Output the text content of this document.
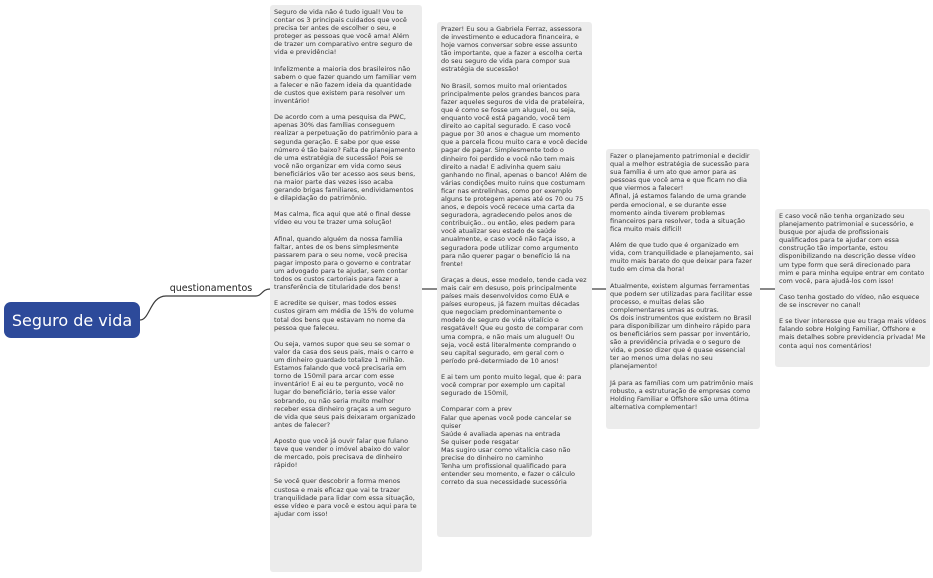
Seguro de vida
questionamentos

Seguro de vida não é tudo igual! Vou te contar os 3 principais cuidados que você precisa ter antes de escolher o seu, e proteger as pessoas que você ama! Além de trazer um comparativo entre seguro de vida e previdência!

Infelizmente a maioria dos brasileiros não sabem o que fazer quando um familiar vem a falecer e não fazem ideia da quantidade de custos que existem para resolver um inventário!

De acordo com a uma pesquisa da PWC, apenas 30% das famílias conseguem realizar a perpetuação do patrimônio para a segunda geração. E sabe por que esse número é tão baixo? Falta de planejamento de uma estratégia de sucessão! Pois se você não organizar em vida como seus beneficiários vão ter acesso aos seus bens, na maior parte das vezes isso acaba gerando brigas familiares, endividamentos e dilapidação do patrimônio.

Mas calma, fica aqui que até o final desse vídeo eu vou te trazer uma solução!

Afinal, quando alguém da nossa família faltar, antes de os bens simplesmente passarem para o seu nome, você precisa pagar imposto para o governo e contratar um advogado para te ajudar, sem contar todos os custos cartoriais para fazer a transferência de titularidade dos bens!

E acredite se quiser, mas todos esses custos giram em média de 15% do volume total dos bens que estavam no nome da pessoa que faleceu.

Ou seja, vamos supor que seu se somar o valor da casa dos seus pais, mais o carro e um dinheiro guardado totalize 1 milhão. Estamos falando que você precisaria em torno de 150mil para arcar com esse inventário! E ai eu te pergunto, você no lugar do beneficiário, teria esse valor sobrando, ou não seria muito melhor receber essa dinheiro graças a um seguro de vida que seus pais deixaram organizado antes de falecer?

Aposto que você já ouvir falar que fulano teve que vender o imóvel abaixo do valor de mercado, pois precisava de dinheiro rápido!

Se você quer descobrir a forma menos custosa e mais eficaz que vai te trazer tranquilidade para lidar com essa situação, esse vídeo e para você e estou aqui para te ajudar com isso!

Prazer! Eu sou a Gabriela Ferraz, assessora de investimento e educadora financeira, e hoje vamos conversar sobre esse assunto tão importante, que a fazer a escolha certa do seu seguro de vida para compor sua estratégia de sucessão!

No Brasil, somos muito mal orientados principalmente pelos grandes bancos para fazer aqueles seguros de vida de prateleira, que é como se fosse um aluguel, ou seja, enquanto você está pagando, você tem direito ao capital segurado. E caso você pague por 30 anos e chague um momento que a parcela ficou muito cara e você decide pagar de pagar. Simplesmente todo o dinheiro foi perdido e você não tem mais direito a nada! E adivinha quem saiu ganhando no final, apenas o banco! Além de várias condições muito ruins que costumam ficar nas entrelinhas, como por exemplo alguns te protegem apenas até os 70 ou 75 anos, e depois você recece uma carta da seguradora, agradecendo pelos anos de contribuição.. ou então, eles pedem para você atualizar seu estado de saúde anualmente, e caso você não faça isso, a seguradora pode utilizar como argumento para não querer pagar o benefício lá na frente!

Graças a deus, esse modelo, tende cada vez mais cair em desuso, pois principalmente países mais desenvolvidos como EUA e países europeus, já fazem muitas décadas que negociam predominantemente o modelo de seguro de vida vitalício e resgatável! Que eu gosto de comparar com uma compra, e não mais um aluguel! Ou seja, você está literalmente comprando o seu capital segurado, em geral com o período pré-determiado de 10 anos!

E ai tem um ponto muito legal, que é: para você comprar por exemplo um capital segurado de 150mil,

Comparar com a prev
Falar que apenas você pode cancelar se quiser
Saúde é avaliada apenas na entrada
Se quiser pode resgatar
Mas sugiro usar como vitalícia caso não precise do dinheiro no caminho
Tenha um profissional qualificado para entender seu momento, e fazer o cálculo correto da sua necessidade sucessória

Fazer o planejamento patrimonial e decidir qual a melhor estratégia de sucessão para sua família é um ato que amor para as pessoas que você ama e que ficam no dia que viermos a falecer!
Afinal, já estamos falando de uma grande perda emocional, e se durante esse momento ainda tiverem problemas financeiros para resolver, toda a situação fica muito mais difícil!

Além de que tudo que é organizado em vida, com tranquilidade e planejamento, sai muito mais barato do que deixar para fazer tudo em cima da hora!

Atualmente, existem algumas ferramentas que podem ser utilizadas para facilitar esse processo, e muitas delas são complementares umas as outras.
Os dois instrumentos que existem no Brasil para disponibilizar um dinheiro rápido para os beneficiários sem passar por inventário, são a previdência privada e o seguro de vida, e posso dizer que é quase essencial ter ao menos uma delas no seu planejamento!

Já para as famílias com um patrimônio mais robusto, a estruturação de empresas como Holding Familiar e Offshore são uma ótima alternativa complementar!

E caso você não tenha organizado seu planejamento patrimonial e sucessório, e busque por ajuda de profissionais qualificados para te ajudar com essa construção tão importante, estou disponibilizando na descrição desse vídeo um type form que será direcionado para mim e para minha equipe entrar em contato com você, para ajudá-los com isso!

Caso tenha gostado do vídeo, não esquece de se inscrever no canal!

E se tiver interesse que eu traga mais vídeos falando sobre Holging Familiar, Offshore e mais detalhes sobre previdencia privada! Me conta aqui nos comentários!
